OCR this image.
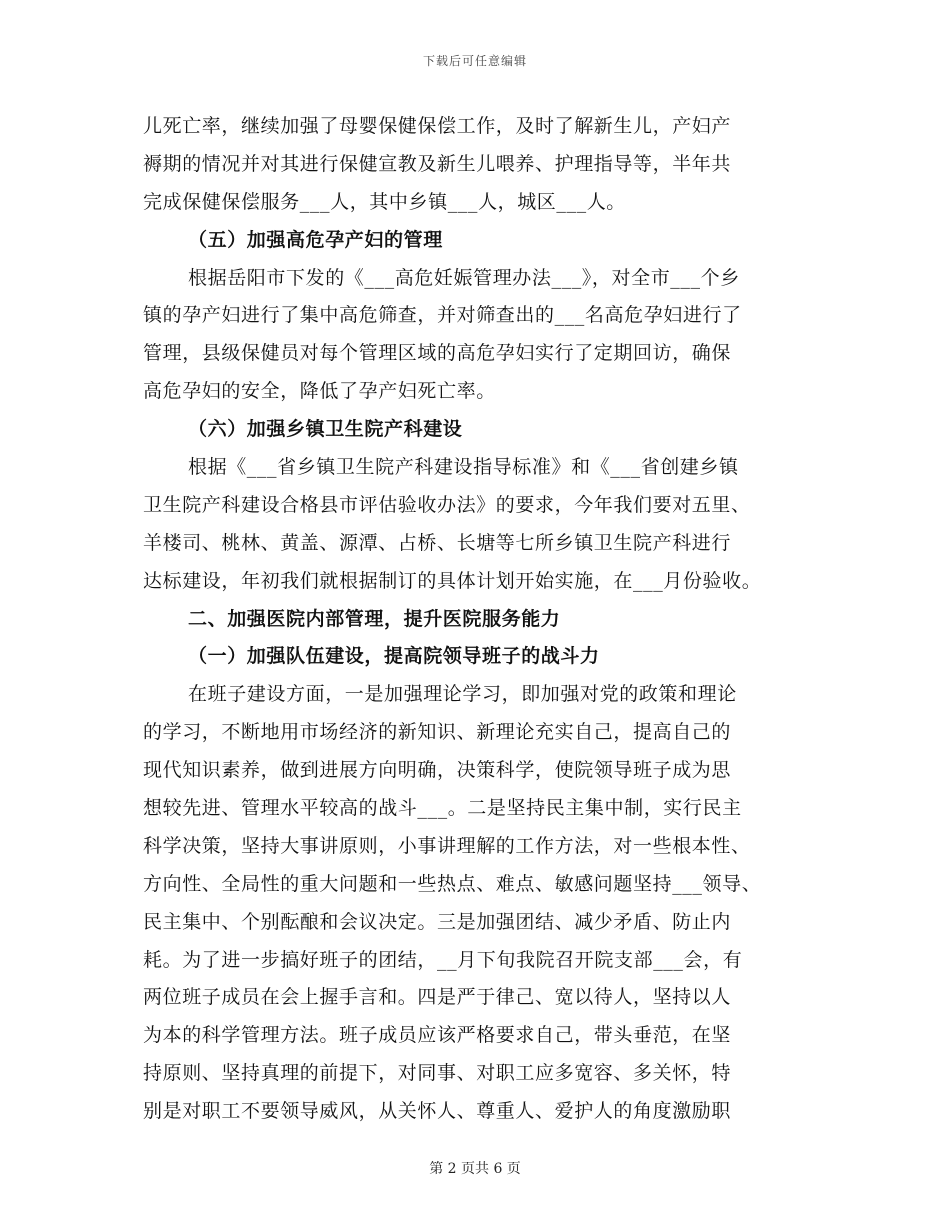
下载后可任意编辑
儿死亡率，继续加强了母婴保健保偿工作，及时了解新生儿，产妇产
褥期的情况并对其进行保健宣教及新生儿喂养、护理指导等，半年共
完成保健保偿服务___人，其中乡镇___人，城区___人。
（五）加强高危孕产妇的管理
根据岳阳市下发的《___高危妊娠管理办法___》，对全市___个乡
镇的孕产妇进行了集中高危筛查，并对筛查出的___名高危孕妇进行了
管理，县级保健员对每个管理区域的高危孕妇实行了定期回访，确保
高危孕妇的安全，降低了孕产妇死亡率。
（六）加强乡镇卫生院产科建设
根据《___省乡镇卫生院产科建设指导标准》和《___省创建乡镇
卫生院产科建设合格县市评估验收办法》的要求，今年我们要对五里、
羊楼司、桃林、黄盖、源潭、占桥、长塘等七所乡镇卫生院产科进行
达标建设，年初我们就根据制订的具体计划开始实施，在___月份验收。
二、加强医院内部管理，提升医院服务能力
（一）加强队伍建设，提高院领导班子的战斗力
在班子建设方面，一是加强理论学习，即加强对党的政策和理论
的学习，不断地用市场经济的新知识、新理论充实自己，提高自己的
现代知识素养，做到进展方向明确，决策科学，使院领导班子成为思
想较先进、管理水平较高的战斗___。二是坚持民主集中制，实行民主
科学决策，坚持大事讲原则，小事讲理解的工作方法，对一些根本性、
方向性、全局性的重大问题和一些热点、难点、敏感问题坚持___领导、
民主集中、个别酝酿和会议决定。三是加强团结、减少矛盾、防止内
耗。为了进一步搞好班子的团结，__月下旬我院召开院支部___会，有
两位班子成员在会上握手言和。四是严于律己、宽以待人，坚持以人
为本的科学管理方法。班子成员应该严格要求自己，带头垂范，在坚
持原则、坚持真理的前提下，对同事、对职工应多宽容、多关怀，特
别是对职工不要领导威风，从关怀人、尊重人、爱护人的角度激励职
第 2 页共 6 页
